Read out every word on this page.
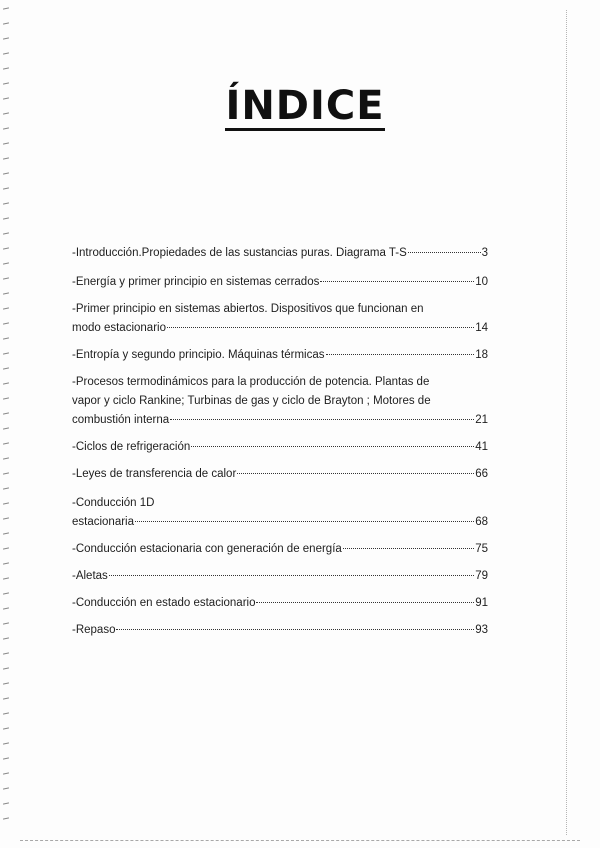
ÍNDICE
-Introducción.Propiedades de las sustancias puras. Diagrama T-S	3
-Energía y primer principio en sistemas cerrados	10
-Primer principio en sistemas abiertos. Dispositivos que funcionan en
modo estacionario	14
-Entropía y segundo principio. Máquinas térmicas	18
-Procesos termodinámicos para la producción de potencia. Plantas de
vapor y ciclo Rankine; Turbinas de gas y ciclo de Brayton ; Motores de
combustión interna	21
-Ciclos de refrigeración	41
-Leyes de transferencia de calor	66
-Conducción 1D
estacionaria	68
-Conducción estacionaria con generación de energía	75
-Aletas	79
-Conducción en estado estacionario	91
-Repaso	93
